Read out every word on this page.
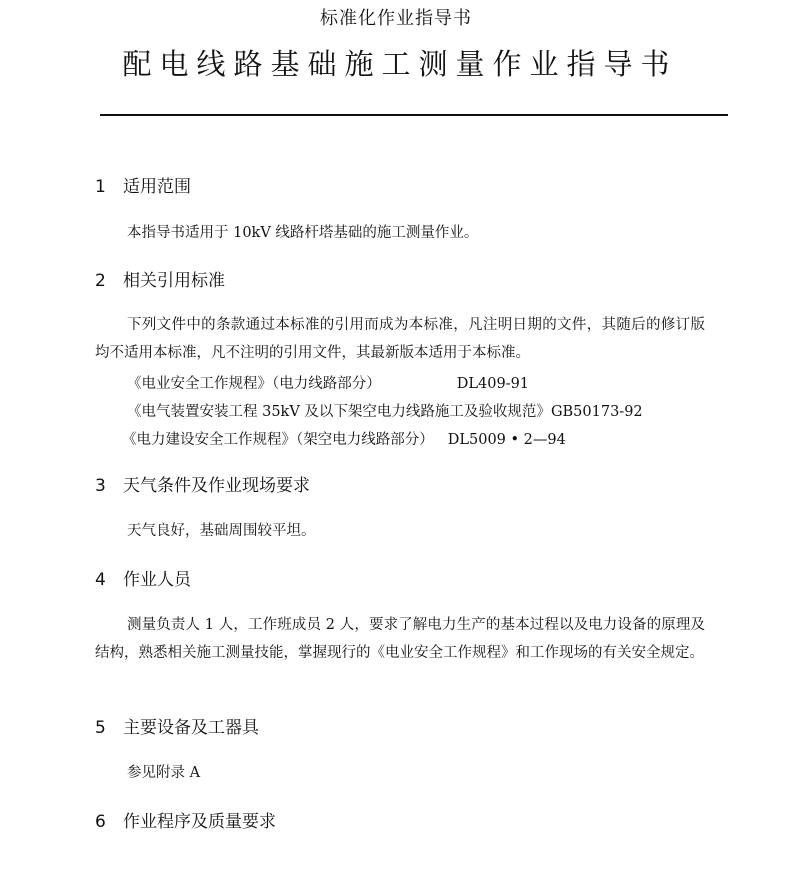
标准化作业指导书
配电线路基础施工测量作业指导书
1 适用范围
本指导书适用于 10kV 线路杆塔基础的施工测量作业。
2 相关引用标准
下列文件中的条款通过本标准的引用而成为本标准，凡注明日期的文件，其随后的修订版均不适用本标准，凡不注明的引用文件，其最新版本适用于本标准。
《电业安全工作规程》（电力线路部分）	DL409-91
《电气装置安装工程 35kV 及以下架空电力线路施工及验收规范》GB50173-92
《电力建设安全工作规程》（架空电力线路部分） DL5009 • 2—94
3 天气条件及作业现场要求
天气良好，基础周围较平坦。
4 作业人员
测量负责人 1 人，工作班成员 2 人，要求了解电力生产的基本过程以及电力设备的原理及结构，熟悉相关施工测量技能，掌握现行的《电业安全工作规程》和工作现场的有关安全规定。
5 主要设备及工器具
参见附录 A
6 作业程序及质量要求
